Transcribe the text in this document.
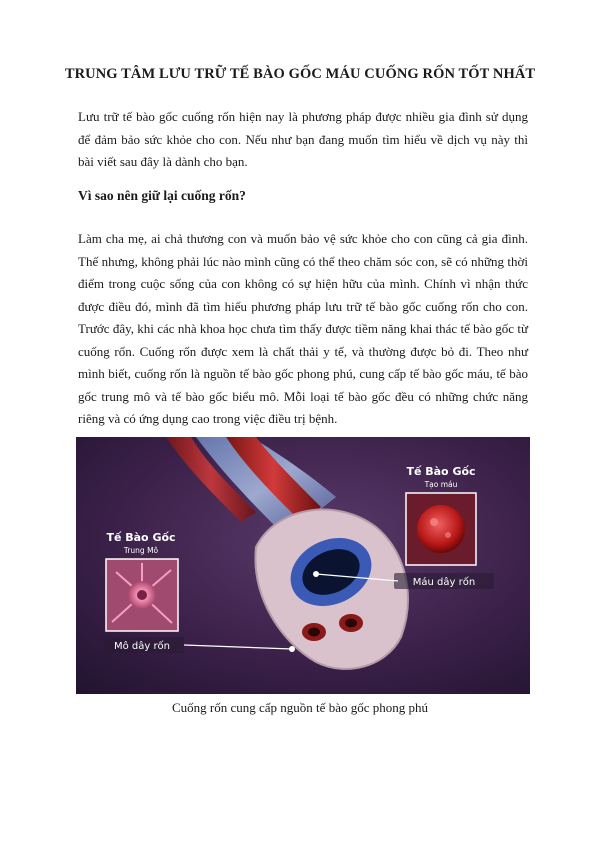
TRUNG TÂM LƯU TRỮ TẾ BÀO GỐC MÁU CUỐNG RỐN TỐT NHẤT

Lưu trữ tế bào gốc cuống rốn hiện nay là phương pháp được nhiều gia đình sử dụng để đảm bảo sức khỏe cho con. Nếu như bạn đang muốn tìm hiểu về dịch vụ này thì bài viết sau đây là dành cho bạn.

Vì sao nên giữ lại cuống rốn?

Làm cha mẹ, ai chả thương con và muốn bảo vệ sức khỏe cho con cũng cả gia đình. Thế nhưng, không phải lúc nào mình cũng có thể theo chăm sóc con, sẽ có những thời điểm trong cuộc sống của con không có sự hiện hữu của mình. Chính vì nhận thức được điều đó, mình đã tìm hiểu phương pháp lưu trữ tế bào gốc cuống rốn cho con. Trước đây, khi các nhà khoa học chưa tìm thấy được tiềm năng khai thác tế bào gốc từ cuống rốn. Cuống rốn được xem là chất thải y tế, và thường được bỏ đi. Theo như mình biết, cuống rốn là nguồn tế bào gốc phong phú, cung cấp tế bào gốc máu, tế bào gốc trung mô và tế bào gốc biểu mô. Mỗi loại tế bào gốc đều có những chức năng riêng và có ứng dụng cao trong việc điều trị bệnh.

Tế Bào Gốc
Tạo máu
Máu dây rốn
Tế Bào Gốc
Trung Mô
Mô dây rốn
Cuống rốn cung cấp nguồn tế bào gốc phong phú
